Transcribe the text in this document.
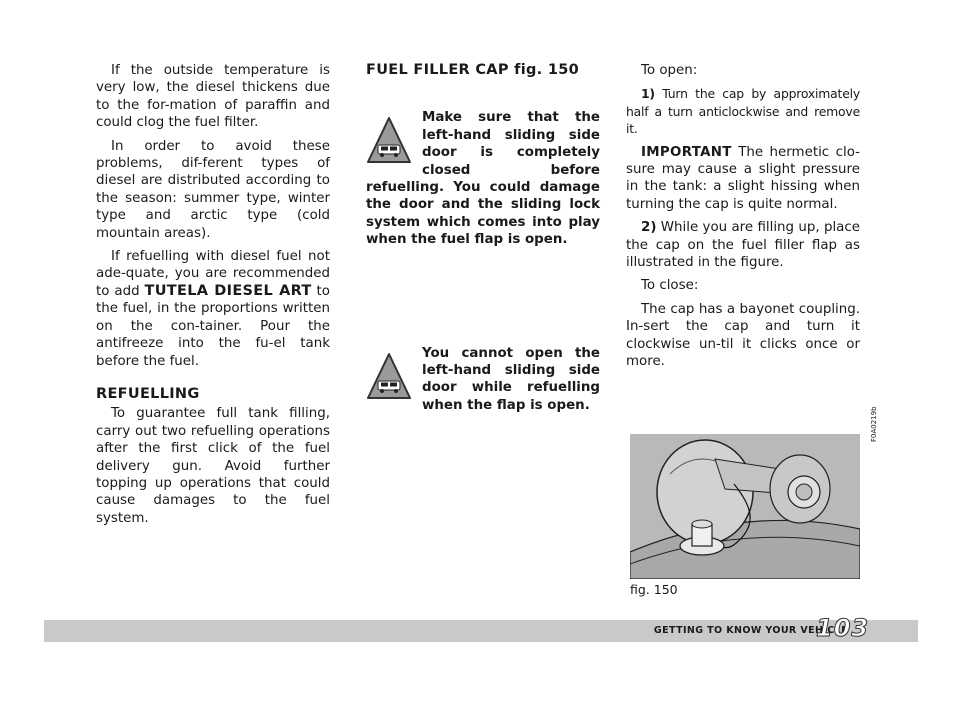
If the outside temperature is very low, the diesel thickens due to the for-mation of paraffin and could clog the fuel filter.

In order to avoid these problems, dif-ferent types of diesel are distributed according to the season: summer type, winter type and arctic type (cold mountain areas).

If refuelling with diesel fuel not ade-quate, you are recommended to add TUTELA DIESEL ART to the fuel, in the proportions written on the con-tainer. Pour the antifreeze into the fu-el tank before the fuel.

REFUELLING

To guarantee full tank filling, carry out two refuelling operations after the first click of the fuel delivery gun. Avoid further topping up operations that could cause damages to the fuel system.

FUEL FILLER CAP fig. 150
Make sure that the left-hand sliding side door is completely closed before refuelling. You could damage the door and the sliding lock system which comes into play when the fuel flap is open.
You cannot open the left-hand sliding side door while refuelling when the flap is open.

To open:

1) Turn the cap by approximately half a turn anticlockwise and remove it.

IMPORTANT The hermetic clo-sure may cause a slight pressure in the tank: a slight hissing when turning the cap is quite normal.

2) While you are filling up, place the cap on the fuel filler flap as illustrated in the figure.

To close:

The cap has a bayonet coupling. In-sert the cap and turn it clockwise un-til it clicks once or more.

F0A0219b
fig. 150
GETTING TO KNOW YOUR VEHICLE
103
